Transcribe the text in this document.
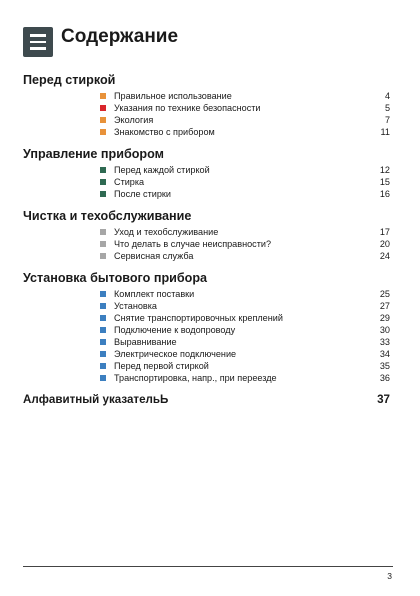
Содержание
Перед стиркой
Правильное использование	4
Указания по технике безопасности	5
Экология	7
Знакомство с прибором	11
Управление прибором
Перед каждой стиркой	12
Стирка	15
После стирки	16
Чистка и техобслуживание
Уход и техобслуживание	17
Что делать в случае неисправности?	20
Сервисная служба	24
Установка бытового прибора
Комплект поставки	25
Установка	27
Снятие транспортировочных креплений	29
Подключение к водопроводу	30
Выравнивание	33
Электрическое подключение	34
Перед первой стиркой	35
Транспортировка, напр., при переезде	36
Алфавитный указательЬ	37
3
